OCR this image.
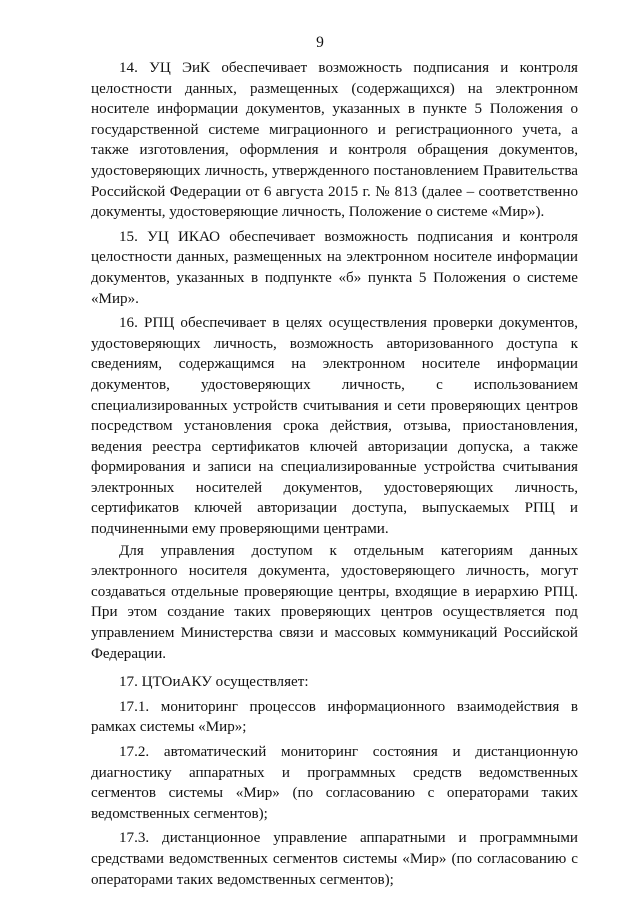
9

14. УЦ ЭиК обеспечивает возможность подписания и контроля целостности данных, размещенных (содержащихся) на электронном носителе информации документов, указанных в пункте 5 Положения о государственной системе миграционного и регистрационного учета, а также изготовления, оформления и контроля обращения документов, удостоверяющих личность, утвержденного постановлением Правительства Российской Федерации от 6 августа 2015 г. № 813 (далее – соответственно документы, удостоверяющие личность, Положение о системе «Мир»).

15. УЦ ИКАО обеспечивает возможность подписания и контроля целостности данных, размещенных на электронном носителе информации документов, указанных в подпункте «б» пункта 5 Положения о системе «Мир».

16. РПЦ обеспечивает в целях осуществления проверки документов, удостоверяющих личность, возможность авторизованного доступа к сведениям, содержащимся на электронном носителе информации документов, удостоверяющих личность, с использованием специализированных устройств считывания и сети проверяющих центров посредством установления срока действия, отзыва, приостановления, ведения реестра сертификатов ключей авторизации допуска, а также формирования и записи на специализированные устройства считывания электронных носителей документов, удостоверяющих личность, сертификатов ключей авторизации доступа, выпускаемых РПЦ и подчиненными ему проверяющими центрами.

Для управления доступом к отдельным категориям данных электронного носителя документа, удостоверяющего личность, могут создаваться отдельные проверяющие центры, входящие в иерархию РПЦ. При этом создание таких проверяющих центров осуществляется под управлением Министерства связи и массовых коммуникаций Российской Федерации.

17. ЦТОиАКУ осуществляет:

17.1. мониторинг процессов информационного взаимодействия в рамках системы «Мир»;

17.2. автоматический мониторинг состояния и дистанционную диагностику аппаратных и программных средств ведомственных сегментов системы «Мир» (по согласованию с операторами таких ведомственных сегментов);

17.3. дистанционное управление аппаратными и программными средствами ведомственных сегментов системы «Мир» (по согласованию с операторами таких ведомственных сегментов);
